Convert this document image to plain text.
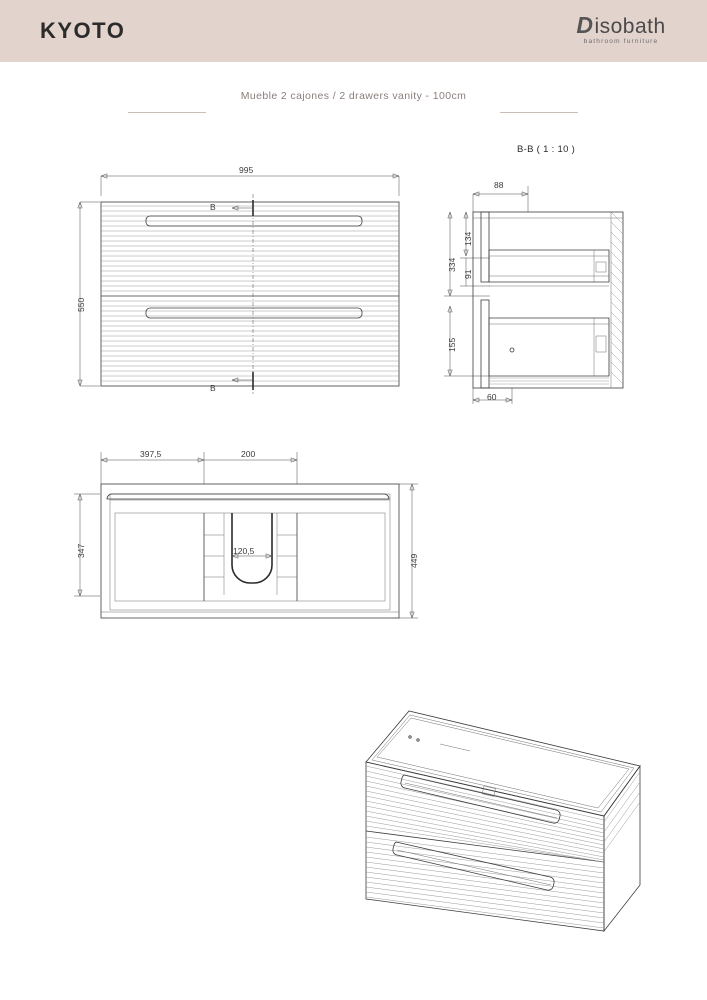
KYOTO	Disobath
bathroom furniture
Mueble 2 cajones / 2 drawers vanity - 100cm
B-B ( 1 : 10 )
995
550
B
B
88
60
134
334
91
155
397,5	200
120,5
347
449
